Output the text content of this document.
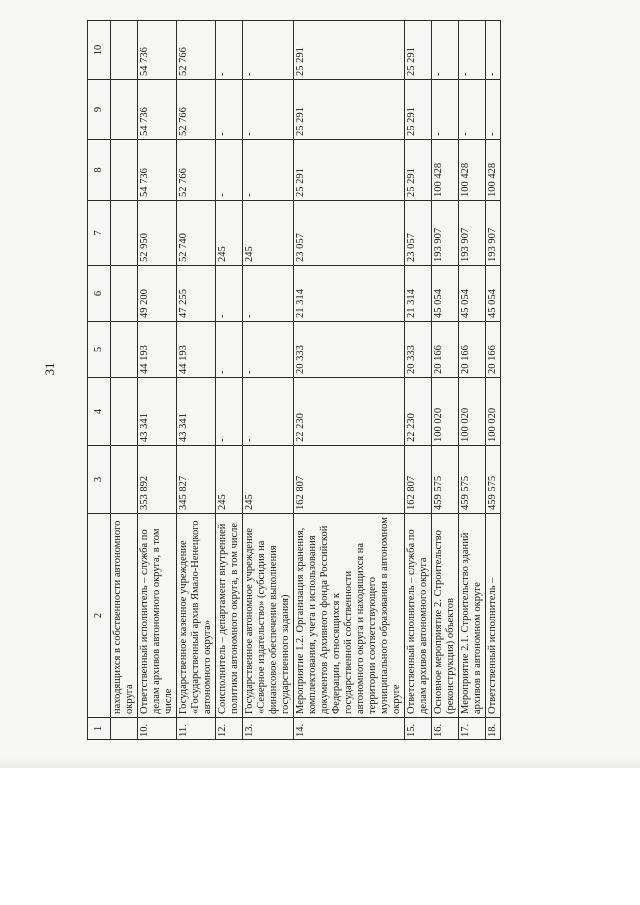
31
1	2	3	4	5	6	7	8	9	10
	находящихся в собственности автономного округа								
10.	Ответственный исполнитель – служба по делам архивов автономного округа, в том числе	353 892	43 341	44 193	49 200	52 950	54 736	54 736	54 736
11.	Государственное казенное учреждение «Государственный архив Ямало-Ненецкого автономного округа»	345 827	43 341	44 193	47 255	52 740	52 766	52 766	52 766
12.	Соисполнитель – департамент внутренней политики автономного округа, в том числе	245	-	-	-	245	-	-	-
13.	Государственное автономное учреждение «Северное издательство» (субсидия на финансовое обеспечение выполнения государственного задания)	245	-	-	-	245	-	-	-
14.	Мероприятие 1.2. Организация хранения, комплектования, учета и использования документов Архивного фонда Российской Федерации, относящихся к государственной собственности автономного округа и находящихся на территории соответствующего муниципального образования в автономном округе	162 807	22 230	20 333	21 314	23 057	25 291	25 291	25 291
15.	Ответственный исполнитель – служба по делам архивов автономного округа	162 807	22 230	20 333	21 314	23 057	25 291	25 291	25 291
16.	Основное мероприятие 2. Строительство (реконструкция) объектов	459 575	100 020	20 166	45 054	193 907	100 428	-	-
17.	Мероприятие 2.1. Строительство зданий архивов в автономном округе	459 575	100 020	20 166	45 054	193 907	100 428	-	-
18.	Ответственный исполнитель –	459 575	100 020	20 166	45 054	193 907	100 428	-	-
